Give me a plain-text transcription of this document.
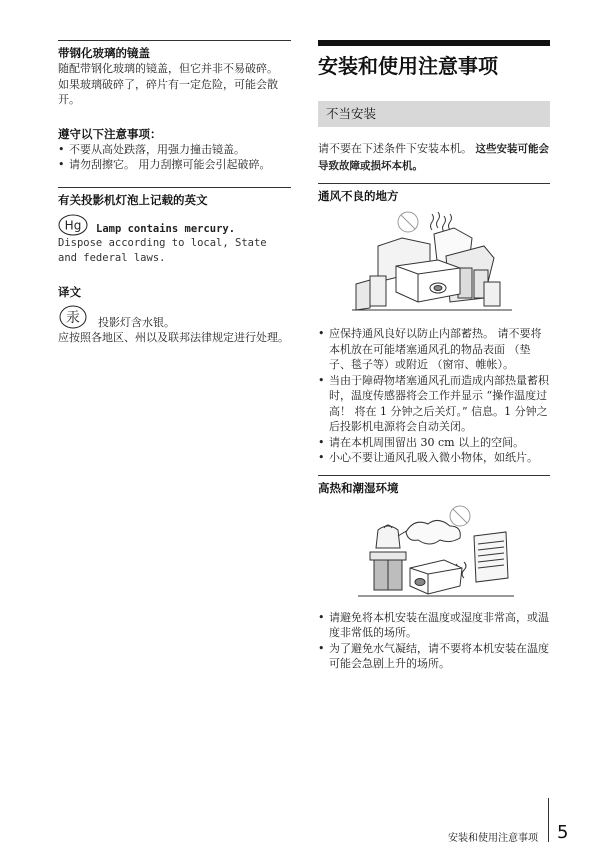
带钢化玻璃的镜盖

随配带钢化玻璃的镜盖，但它并非不易破碎。 如果玻璃破碎了，碎片有一定危险，可能会散开。

遵守以下注意事项：
• 不要从高处跌落，用强力撞击镜盖。
• 请勿刮擦它。 用力刮擦可能会引起破碎。
有关投影机灯泡上记载的英文
Hg Lamp contains mercury.

Dispose according to local, State and federal laws.

译文
汞 投影灯含水银。

应按照各地区、州以及联邦法律规定进行处理。

安装和使用注意事项
不当安装

请不要在下述条件下安装本机。 这些安装可能会导致故障或损坏本机。

通风不良的地方
• 应保持通风良好以防止内部蓄热。 请不要将本机放在可能堵塞通风孔的物品表面 （垫子、毯子等）或附近 （窗帘、帷帐）。
• 当由于障碍物堵塞通风孔而造成内部热量蓄积时，温度传感器将会工作并显示 “操作温度过高！ 将在 1 分钟之后关灯。” 信息。1 分钟之后投影机电源将会自动关闭。
• 请在本机周围留出 30 cm 以上的空间。
• 小心不要让通风孔吸入微小物体，如纸片。
高热和潮湿环境
• 请避免将本机安装在温度或湿度非常高，或温度非常低的场所。
• 为了避免水气凝结，请不要将本机安装在温度可能会急剧上升的场所。
安装和使用注意事项 5
